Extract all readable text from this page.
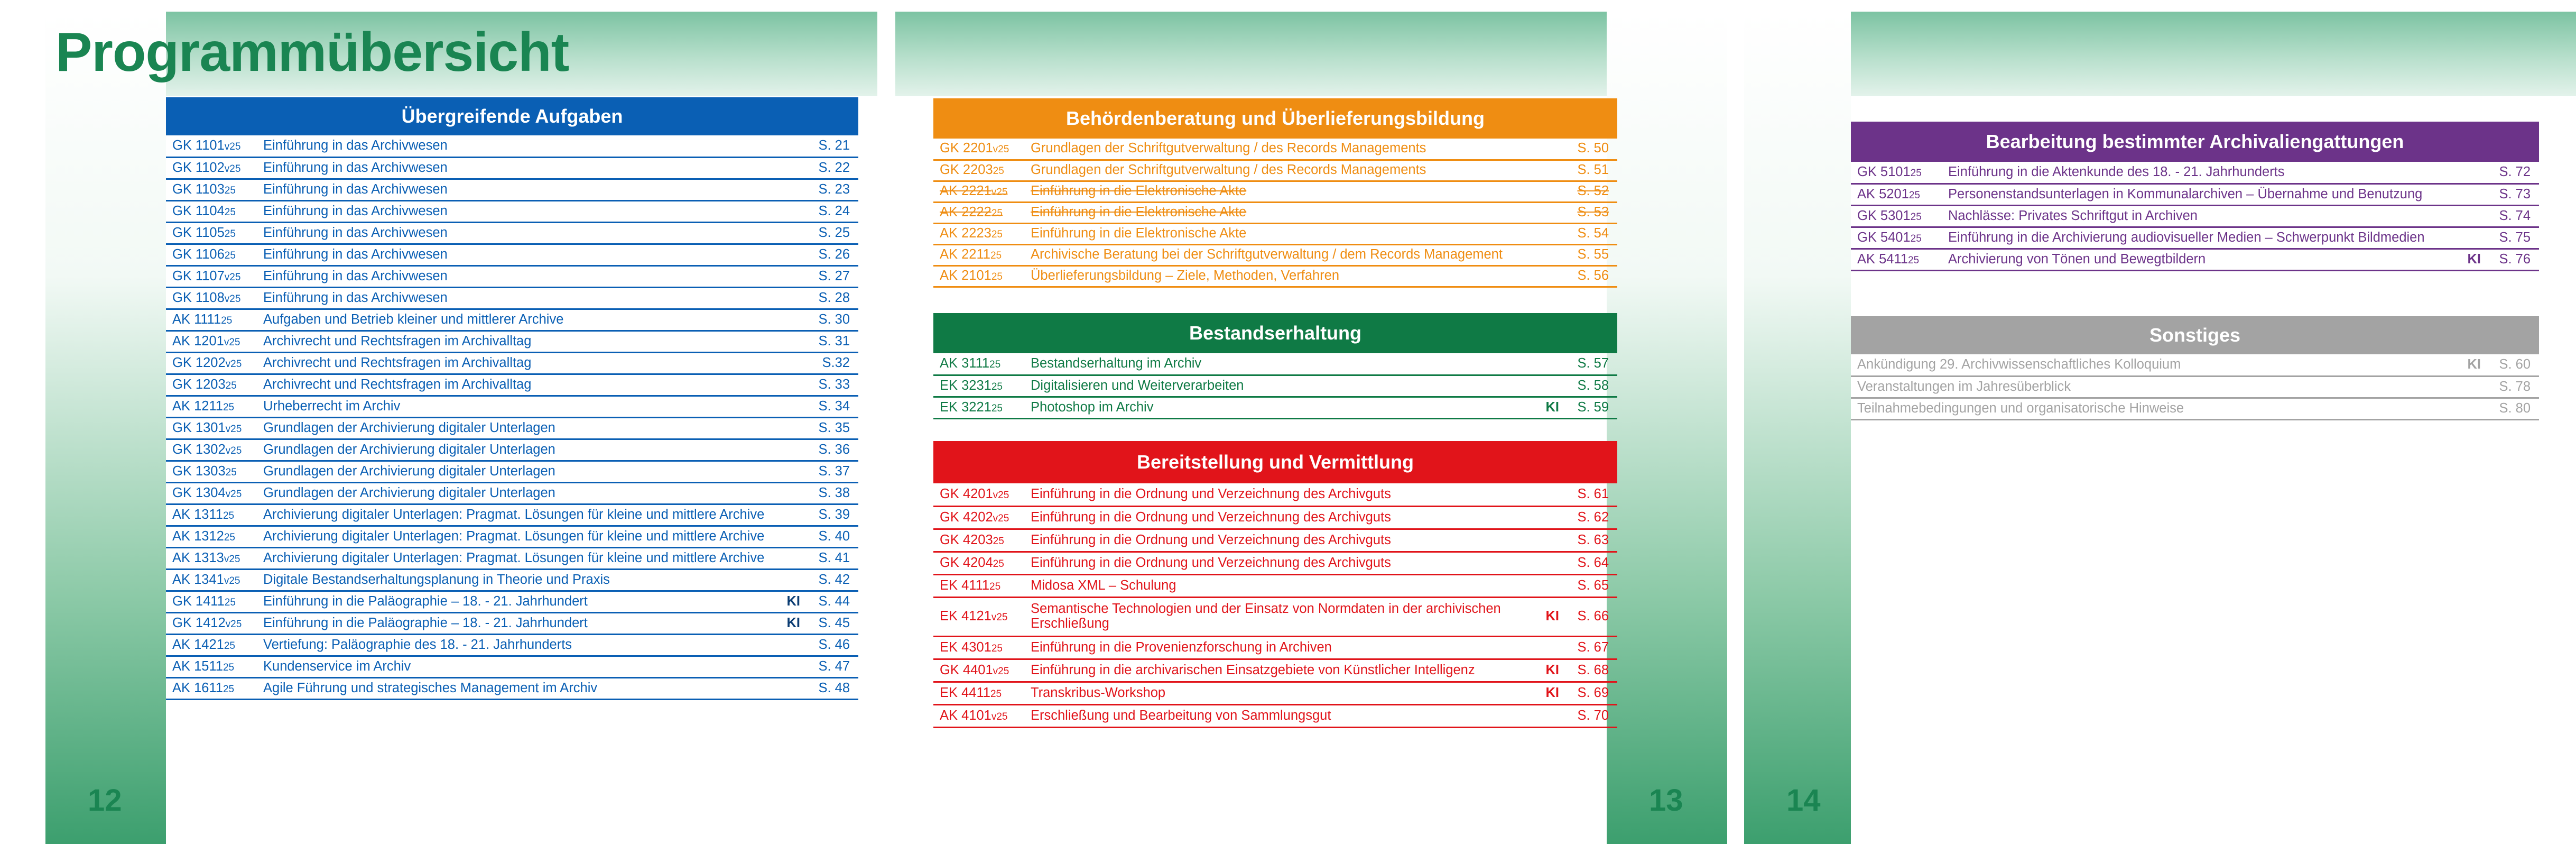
Programmübersicht
12	13	14
Übergreifende Aufgaben
GK 1101v25	Einführung in das Archivwesen		S. 21
GK 1102v25	Einführung in das Archivwesen		S. 22
GK 110325	Einführung in das Archivwesen		S. 23
GK 110425	Einführung in das Archivwesen		S. 24
GK 110525	Einführung in das Archivwesen		S. 25
GK 110625	Einführung in das Archivwesen		S. 26
GK 1107v25	Einführung in das Archivwesen		S. 27
GK 1108v25	Einführung in das Archivwesen		S. 28
AK 111125	Aufgaben und Betrieb kleiner und mittlerer Archive		S. 30
AK 1201v25	Archivrecht und Rechtsfragen im Archivalltag		S. 31
GK 1202v25	Archivrecht und Rechtsfragen im Archivalltag		S.32
GK 120325	Archivrecht und Rechtsfragen im Archivalltag		S. 33
AK 121125	Urheberrecht im Archiv		S. 34
GK 1301v25	Grundlagen der Archivierung digitaler Unterlagen		S. 35
GK 1302v25	Grundlagen der Archivierung digitaler Unterlagen		S. 36
GK 130325	Grundlagen der Archivierung digitaler Unterlagen		S. 37
GK 1304v25	Grundlagen der Archivierung digitaler Unterlagen		S. 38
AK 131125	Archivierung digitaler Unterlagen: Pragmat. Lösungen für kleine und mittlere Archive		S. 39
AK 131225	Archivierung digitaler Unterlagen: Pragmat. Lösungen für kleine und mittlere Archive		S. 40
AK 1313v25	Archivierung digitaler Unterlagen: Pragmat. Lösungen für kleine und mittlere Archive		S. 41
AK 1341v25	Digitale Bestandserhaltungsplanung in Theorie und Praxis		S. 42
GK 141125	Einführung in die Paläographie – 18. - 21. Jahrhundert	KI	S. 44
GK 1412v25	Einführung in die Paläographie – 18. - 21. Jahrhundert	KI	S. 45
AK 142125	Vertiefung: Paläographie des 18. - 21. Jahrhunderts		S. 46
AK 151125	Kundenservice im Archiv		S. 47
AK 161125	Agile Führung und strategisches Management im Archiv		S. 48
Behördenberatung und Überlieferungsbildung
GK 2201v25	Grundlagen der Schriftgutverwaltung / des Records Managements		S. 50
GK 220325	Grundlagen der Schriftgutverwaltung / des Records Managements		S. 51
AK 2221v25	Einführung in die Elektronische Akte		S. 52
AK 222225	Einführung in die Elektronische Akte		S. 53
AK 222325	Einführung in die Elektronische Akte		S. 54
AK 221125	Archivische Beratung bei der Schriftgutverwaltung / dem Records Management		S. 55
AK 210125	Überlieferungsbildung – Ziele, Methoden, Verfahren		S. 56
Bestandserhaltung
AK 311125	Bestandserhaltung im Archiv		S. 57
EK 323125	Digitalisieren und Weiterverarbeiten		S. 58
EK 322125	Photoshop im Archiv	KI	S. 59
Bereitstellung und Vermittlung
GK 4201v25	Einführung in die Ordnung und Verzeichnung des Archivguts		S. 61
GK 4202v25	Einführung in die Ordnung und Verzeichnung des Archivguts		S. 62
GK 420325	Einführung in die Ordnung und Verzeichnung des Archivguts		S. 63
GK 420425	Einführung in die Ordnung und Verzeichnung des Archivguts		S. 64
EK 411125	Midosa XML – Schulung		S. 65
EK 4121v25	Semantische Technologien und der Einsatz von Normdaten in der archivischen Erschließung	KI	S. 66
EK 430125	Einführung in die Provenienzforschung in Archiven		S. 67
GK 4401v25	Einführung in die archivarischen Einsatzgebiete von Künstlicher Intelligenz	KI	S. 68
EK 441125	Transkribus-Workshop	KI	S. 69
AK 4101v25	Erschließung und Bearbeitung von Sammlungsgut		S. 70
Bearbeitung bestimmter Archivaliengattungen
GK 510125	Einführung in die Aktenkunde des 18. - 21. Jahrhunderts		S. 72
AK 520125	Personenstandsunterlagen in Kommunalarchiven – Übernahme und Benutzung		S. 73
GK 530125	Nachlässe: Privates Schriftgut in Archiven		S. 74
GK 540125	Einführung in die Archivierung audiovisueller Medien – Schwerpunkt Bildmedien		S. 75
AK 541125	Archivierung von Tönen und Bewegtbildern	KI	S. 76
Sonstiges
Ankündigung 29. Archivwissenschaftliches Kolloquium	KI	S. 60
Veranstaltungen im Jahresüberblick		S. 78
Teilnahmebedingungen und organisatorische Hinweise		S. 80
